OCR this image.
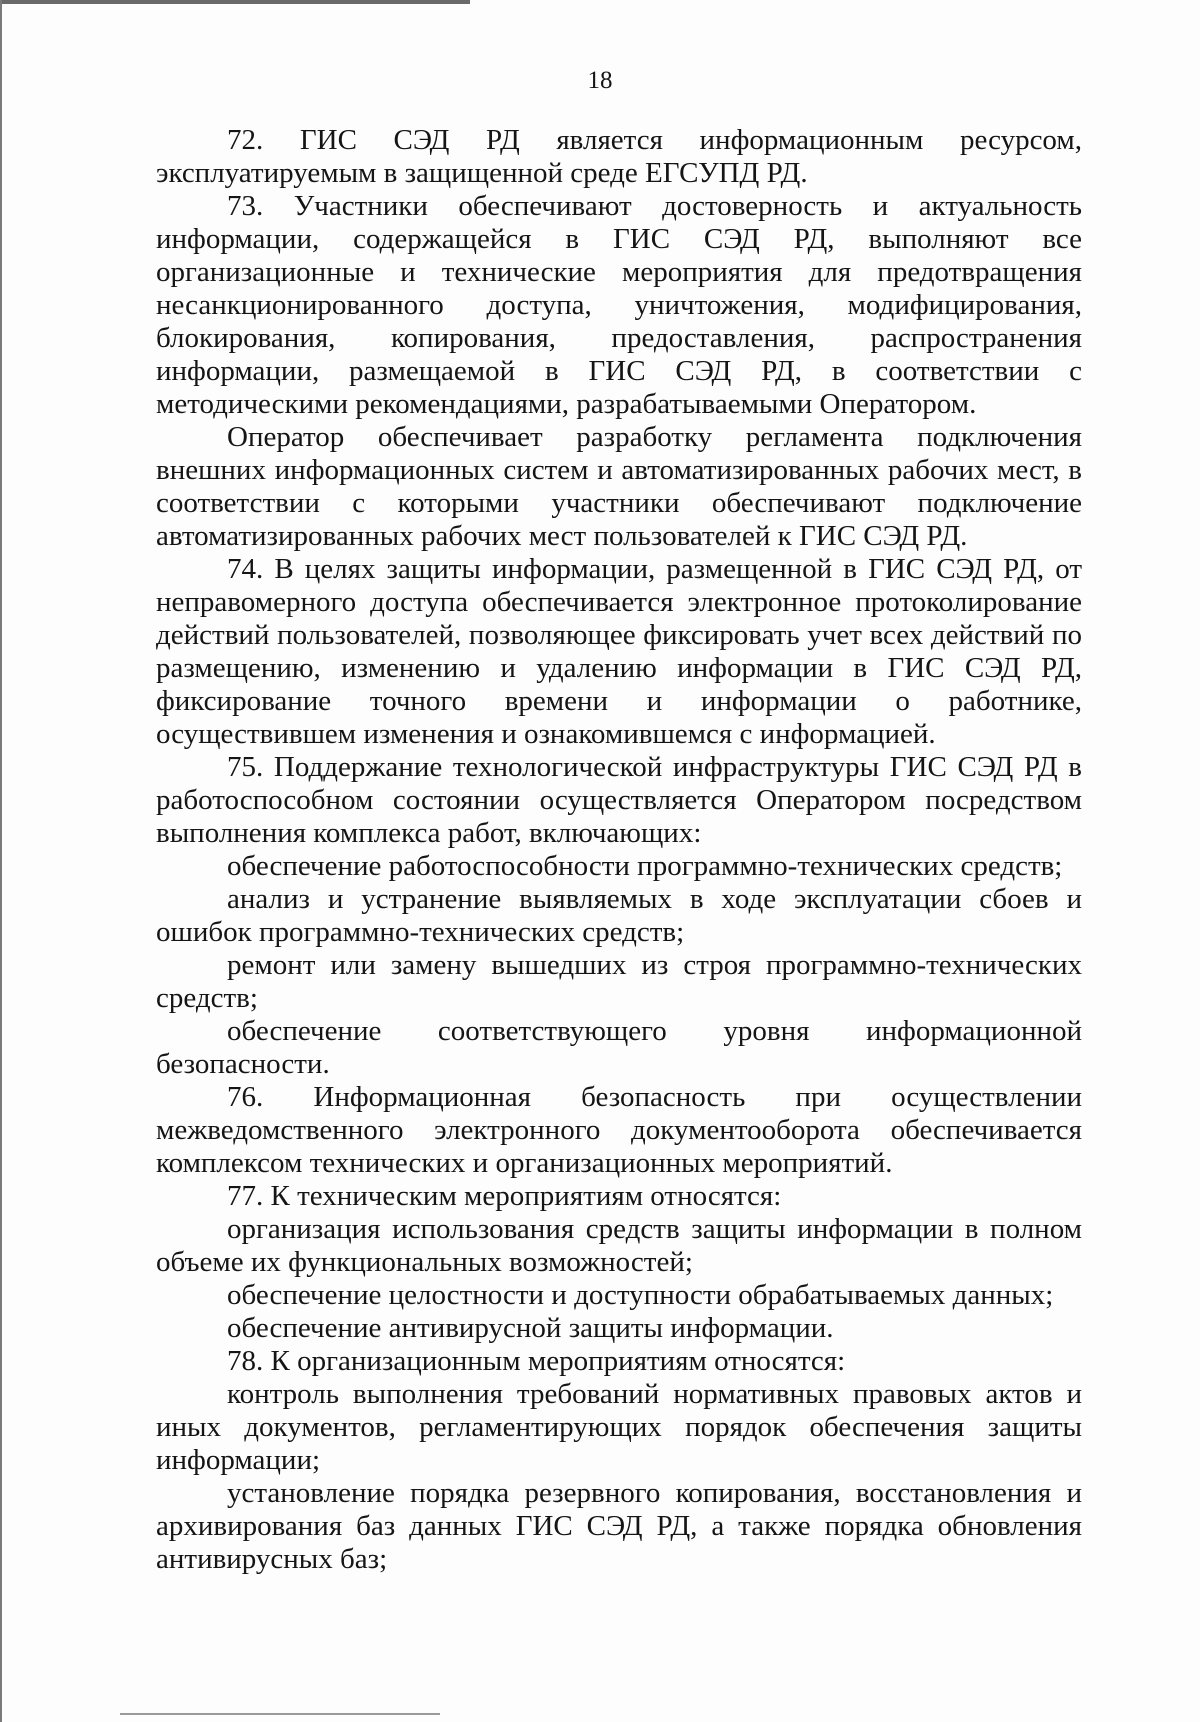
18

72. ГИС СЭД РД является информационным ресурсом, эксплуатируемым в защищенной среде ЕГСУПД РД.

73. Участники обеспечивают достоверность и актуальность информации, содержащейся в ГИС СЭД РД, выполняют все организационные и технические мероприятия для предотвращения несанкционированного доступа, уничтожения, модифицирования, блокирования, копирования, предоставления, распространения информации, размещаемой в ГИС СЭД РД, в соответствии с методическими рекомендациями, разрабатываемыми Оператором.

Оператор обеспечивает разработку регламента подключения внешних информационных систем и автоматизированных рабочих мест, в соответствии с которыми участники обеспечивают подключение автоматизированных рабочих мест пользователей к ГИС СЭД РД.

74. В целях защиты информации, размещенной в ГИС СЭД РД, от неправомерного доступа обеспечивается электронное протоколирование действий пользователей, позволяющее фиксировать учет всех действий по размещению, изменению и удалению информации в ГИС СЭД РД, фиксирование точного времени и информации о работнике, осуществившем изменения и ознакомившемся с информацией.

75. Поддержание технологической инфраструктуры ГИС СЭД РД в работоспособном состоянии осуществляется Оператором посредством выполнения комплекса работ, включающих:

обеспечение работоспособности программно-технических средств;

анализ и устранение выявляемых в ходе эксплуатации сбоев и ошибок программно-технических средств;

ремонт или замену вышедших из строя программно-технических средств;

обеспечение соответствующего уровня информационной безопасности.

76. Информационная безопасность при осуществлении межведомственного электронного документооборота обеспечивается комплексом технических и организационных мероприятий.

77. К техническим мероприятиям относятся:

организация использования средств защиты информации в полном объеме их функциональных возможностей;

обеспечение целостности и доступности обрабатываемых данных;

обеспечение антивирусной защиты информации.

78. К организационным мероприятиям относятся:

контроль выполнения требований нормативных правовых актов и иных документов, регламентирующих порядок обеспечения защиты информации;

установление порядка резервного копирования, восстановления и архивирования баз данных ГИС СЭД РД, а также порядка обновления антивирусных баз;
